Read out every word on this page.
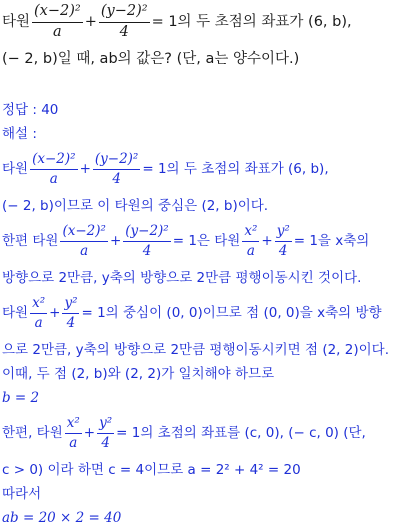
타원 $\frac{\text{(x−2)²}}{a} + \frac{\text{(y−2)²}}{4} = 1$의 두 초점의 좌표가 (6, b),
(− 2, b)일 때, ab의 값은? (단, a는 양수이다.)
정답 : 40
해설 :
타원 $\frac{\text{(x−2)²}}{a} + \frac{\text{(y−2)²}}{4} = 1$의 두 초점의 좌표가 (6, b),
(− 2, b)이므로 이 타원의 중심은 (2, b)이다.
한편 타원 $\frac{\text{(x−2)²}}{a} + \frac{\text{(y−2)²}}{4} = 1$은 타원 $\frac{\text{x²}}{a} + \frac{\text{y²}}{4} = 1$을 x축의
방향으로 2만큼, y축의 방향으로 2만큼 평행이동시킨 것이다.
타원 $\frac{\text{x²}}{a} + \frac{\text{y²}}{4} = 1$의 중심이 (0, 0)이므로 점 (0, 0)을 x축의 방향
으로 2만큼, y축의 방향으로 2만큼 평행이동시키면 점 (2, 2)이다.
이때, 두 점 (2, b)와 (2, 2)가 일치해야 하므로
b = 2
한편, 타원 $\frac{\text{x²}}{a} + \frac{\text{y²}}{4} = 1$의 초점의 좌표를 (c, 0), (− c, 0) (단,
c > 0) 이라 하면 c = 4이므로 a = 2² + 4² = 20
따라서
ab = 20 × 2 = 40
